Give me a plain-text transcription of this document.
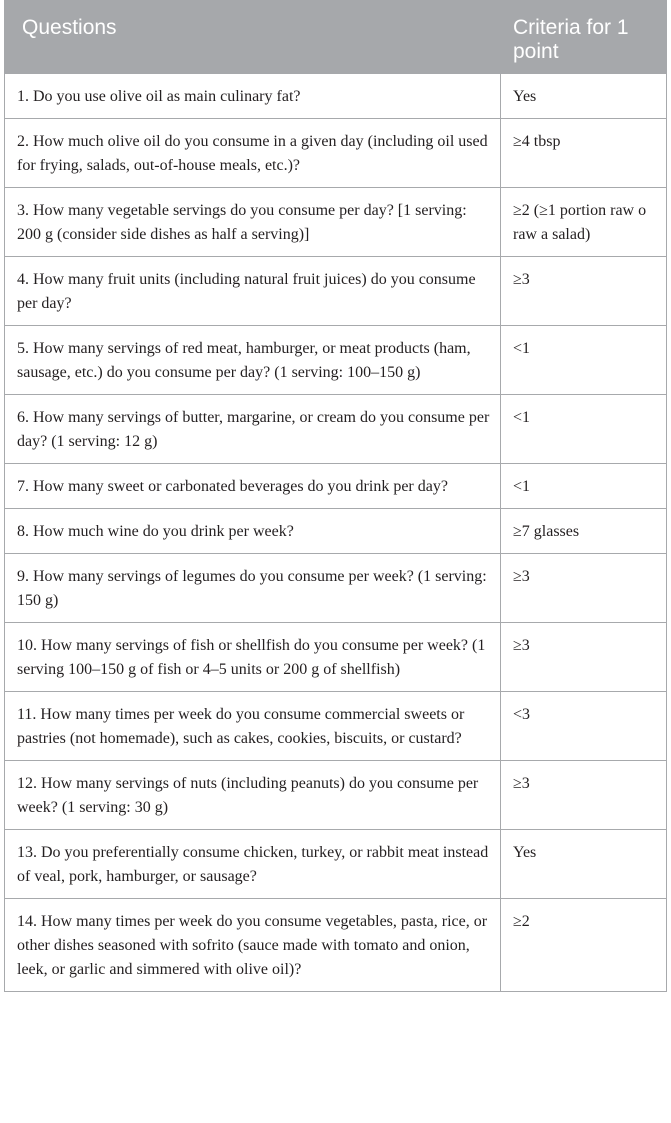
Questions	Criteria for 1 point
1. Do you use olive oil as main culinary fat?	Yes
2. How much olive oil do you consume in a given day (including oil used for frying, salads, out-of-house meals, etc.)?	≥4 tbsp
3. How many vegetable servings do you consume per day? [1 serving: 200 g (consider side dishes as half a serving)]	≥2 (≥1 portion raw o raw a salad)
4. How many fruit units (including natural fruit juices) do you consume per day?	≥3
5. How many servings of red meat, hamburger, or meat products (ham, sausage, etc.) do you consume per day? (1 serving: 100–150 g)	<1
6. How many servings of butter, margarine, or cream do you consume per day? (1 serving: 12 g)	<1
7. How many sweet or carbonated beverages do you drink per day?	<1
8. How much wine do you drink per week?	≥7 glasses
9. How many servings of legumes do you consume per week? (1 serving: 150 g)	≥3
10. How many servings of fish or shellfish do you consume per week? (1 serving 100–150 g of fish or 4–5 units or 200 g of shellfish)	≥3
11. How many times per week do you consume commercial sweets or pastries (not homemade), such as cakes, cookies, biscuits, or custard?	<3
12. How many servings of nuts (including peanuts) do you consume per week? (1 serving: 30 g)	≥3
13. Do you preferentially consume chicken, turkey, or rabbit meat instead of veal, pork, hamburger, or sausage?	Yes
14. How many times per week do you consume vegetables, pasta, rice, or other dishes seasoned with sofrito (sauce made with tomato and onion, leek, or garlic and simmered with olive oil)?	≥2
